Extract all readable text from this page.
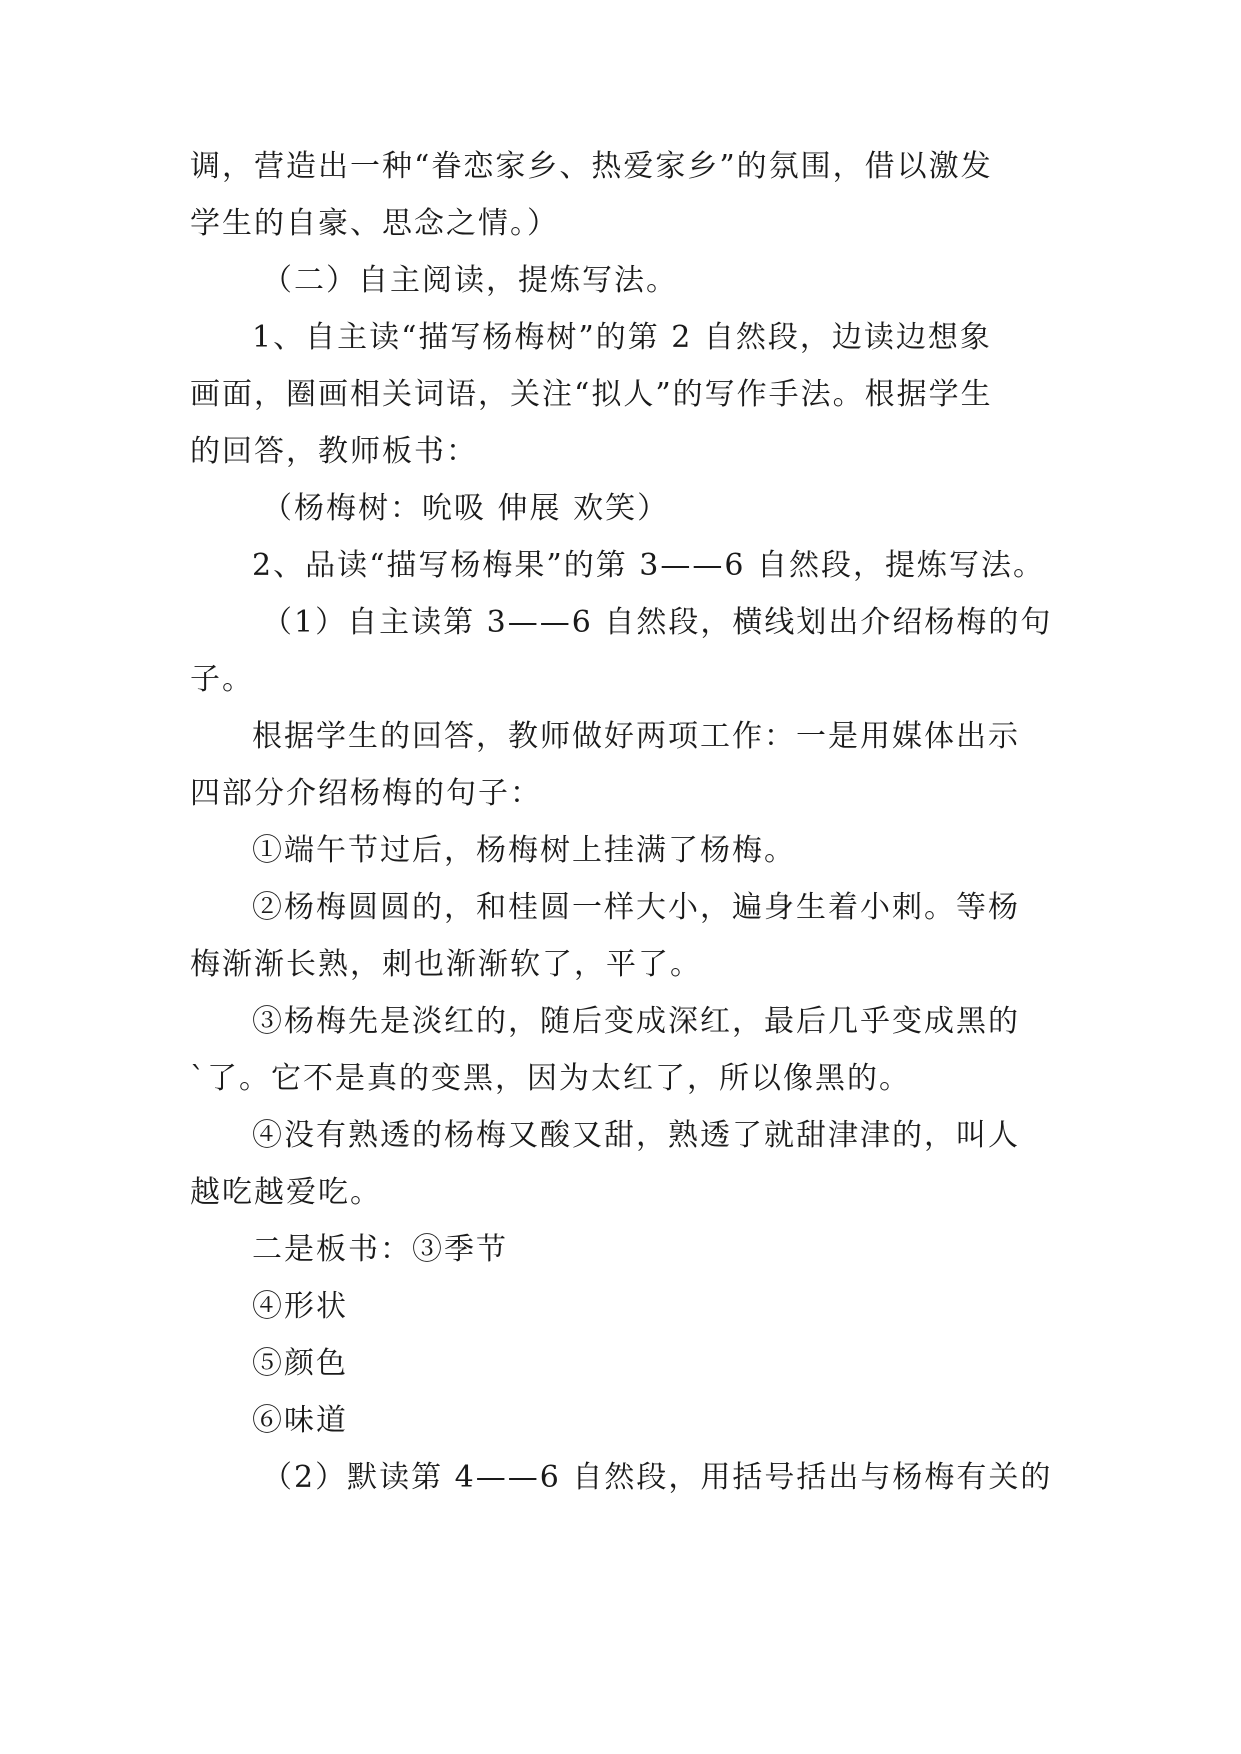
调，营造出一种“眷恋家乡、热爱家乡”的氛围，借以激发
学生的自豪、思念之情。）
（二）自主阅读，提炼写法。
1、自主读“描写杨梅树”的第 2 自然段，边读边想象
画面，圈画相关词语，关注“拟人”的写作手法。根据学生
的回答，教师板书：
（杨梅树：吮吸 伸展 欢笑）
2、品读“描写杨梅果”的第 3——6 自然段，提炼写法。
（1）自主读第 3——6 自然段，横线划出介绍杨梅的句
子。
根据学生的回答，教师做好两项工作：一是用媒体出示
四部分介绍杨梅的句子：
①端午节过后，杨梅树上挂满了杨梅。
②杨梅圆圆的，和桂圆一样大小，遍身生着小刺。等杨
梅渐渐长熟，刺也渐渐软了，平了。
③杨梅先是淡红的，随后变成深红，最后几乎变成黑的
`了。它不是真的变黑，因为太红了，所以像黑的。
④没有熟透的杨梅又酸又甜，熟透了就甜津津的，叫人
越吃越爱吃。
二是板书：③季节
④形状
⑤颜色
⑥味道
（2）默读第 4——6 自然段，用括号括出与杨梅有关的
